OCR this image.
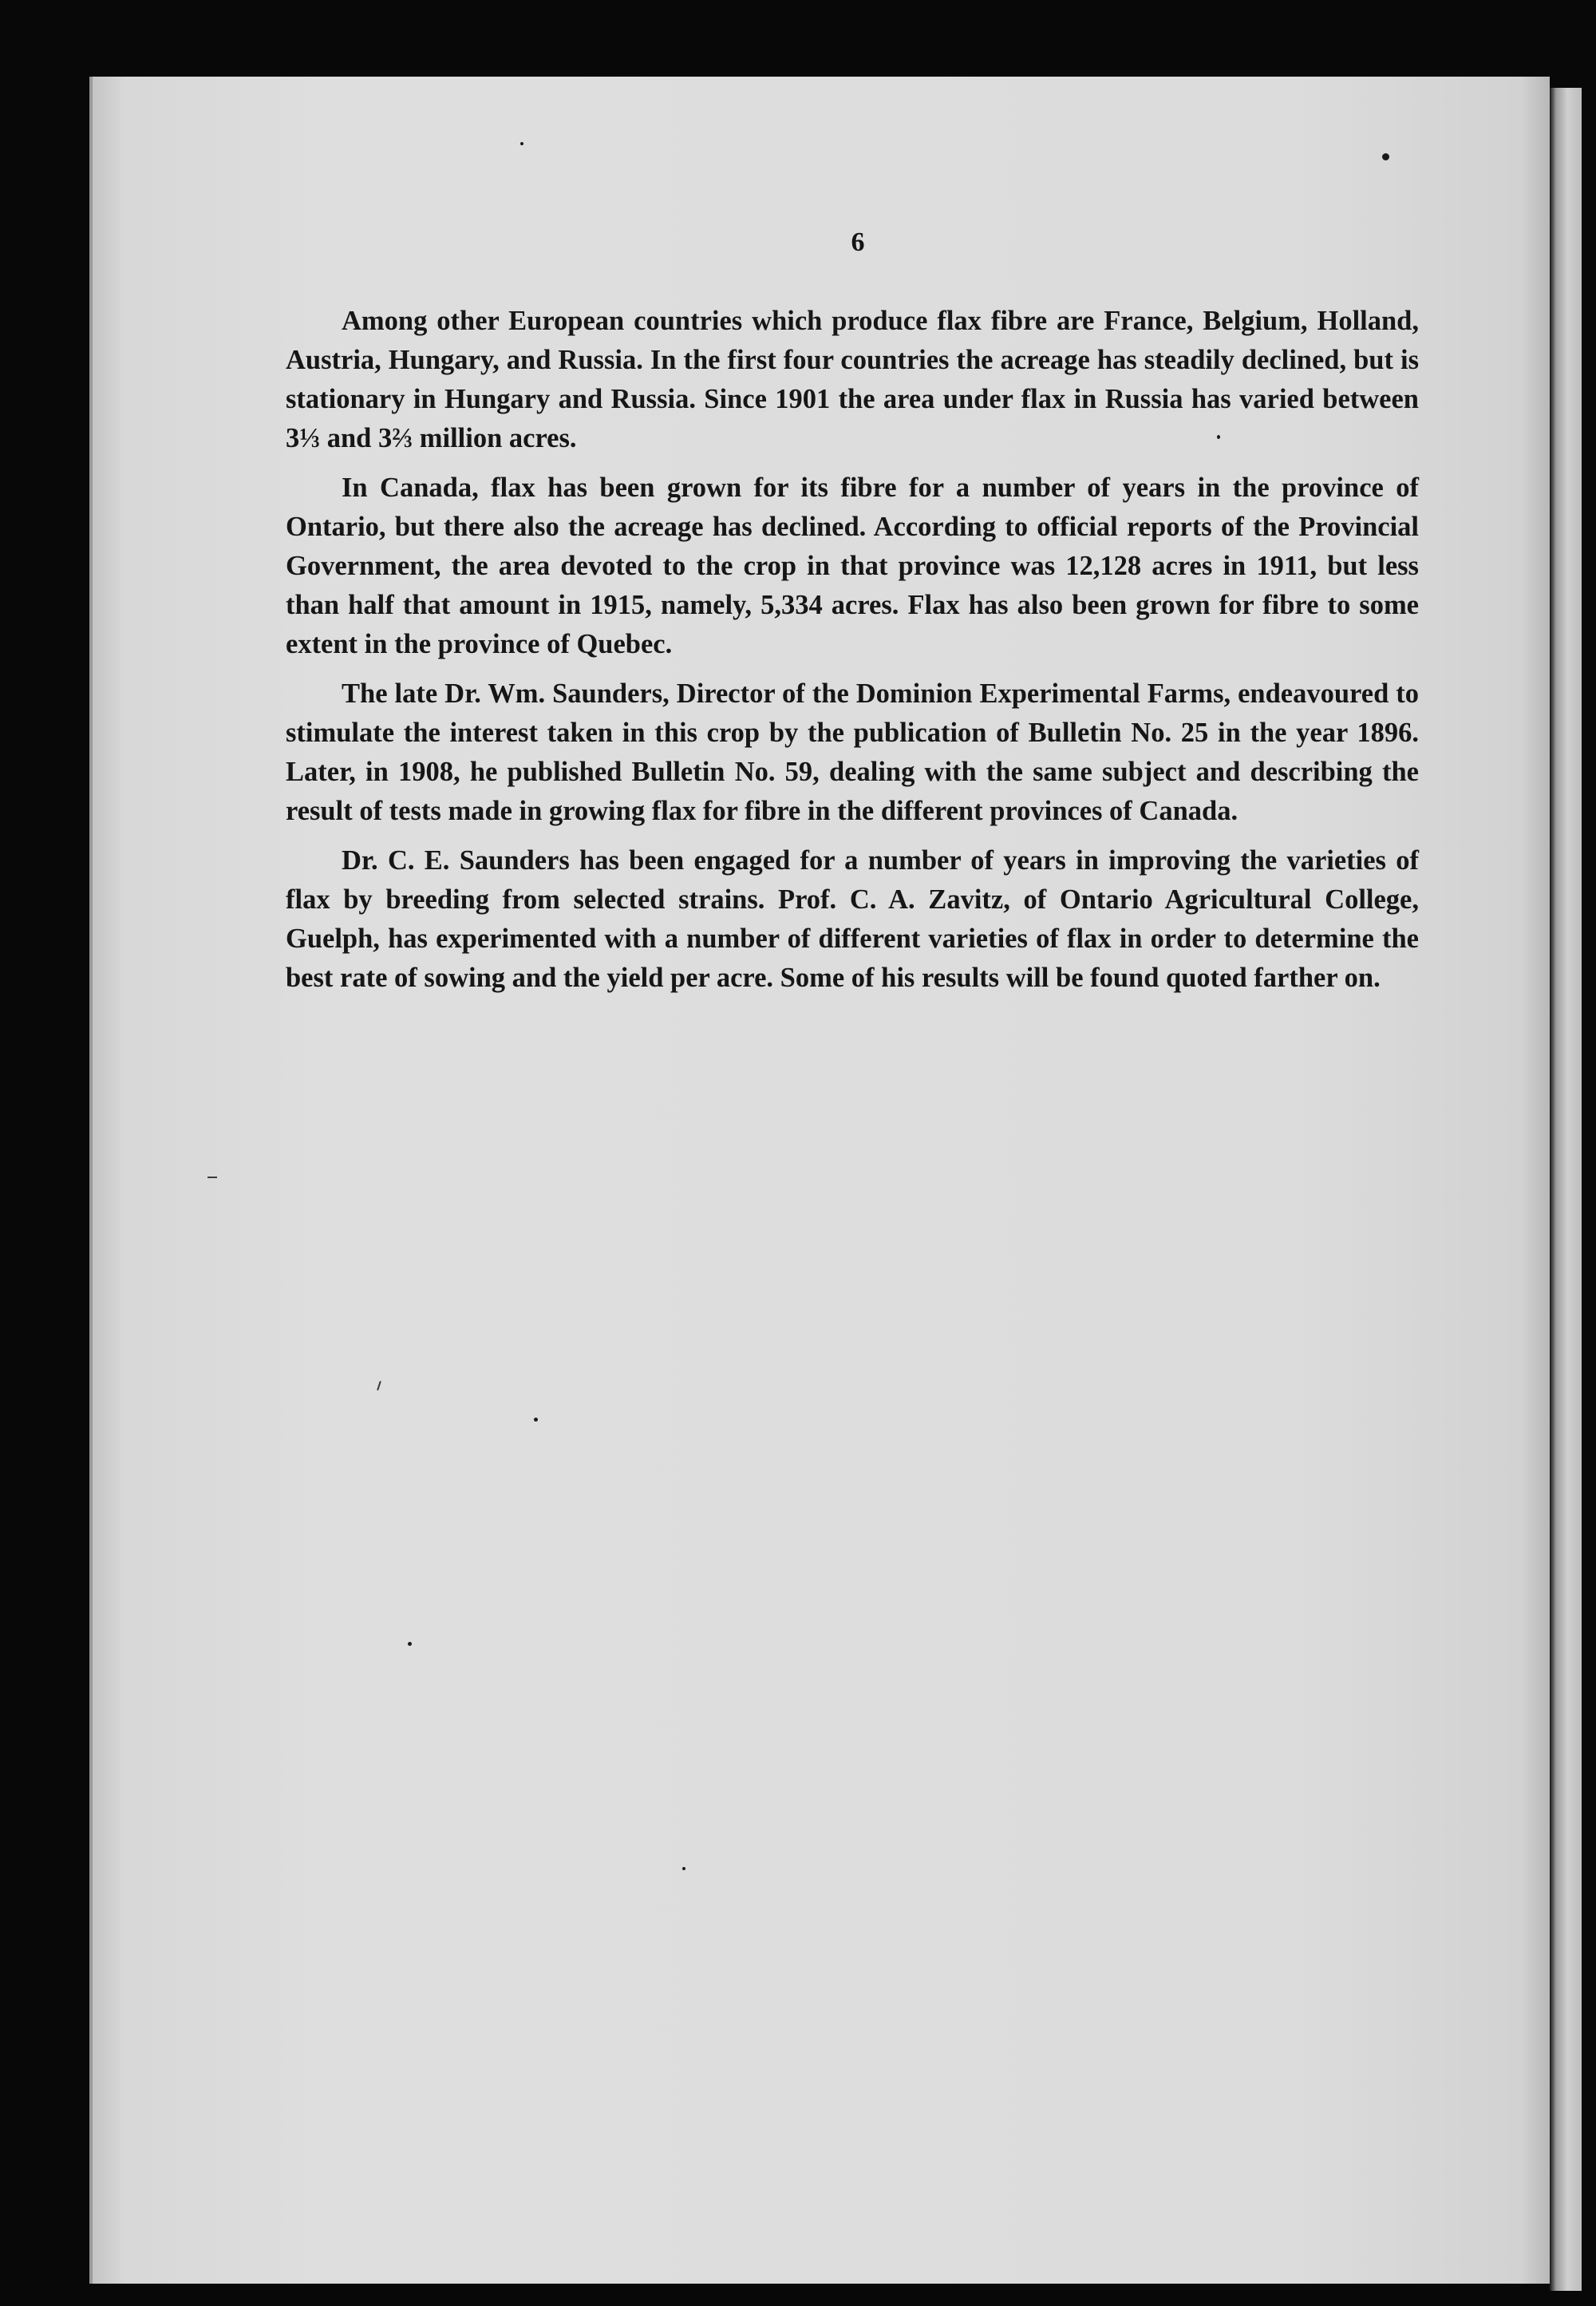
6

Among other European countries which produce flax fibre are France, Belgium, Holland, Austria, Hungary, and Russia. In the first four countries the acreage has steadily declined, but is stationary in Hungary and Russia. Since 1901 the area under flax in Russia has varied between 3⅓ and 3⅔ million acres.

In Canada, flax has been grown for its fibre for a number of years in the province of Ontario, but there also the acreage has declined. According to official reports of the Provincial Government, the area devoted to the crop in that province was 12,128 acres in 1911, but less than half that amount in 1915, namely, 5,334 acres. Flax has also been grown for fibre to some extent in the province of Quebec.

The late Dr. Wm. Saunders, Director of the Dominion Experimental Farms, endeavoured to stimulate the interest taken in this crop by the publication of Bulletin No. 25 in the year 1896. Later, in 1908, he published Bulletin No. 59, dealing with the same subject and describing the result of tests made in growing flax for fibre in the different provinces of Canada.

Dr. C. E. Saunders has been engaged for a number of years in improving the varieties of flax by breeding from selected strains. Prof. C. A. Zavitz, of Ontario Agricultural College, Guelph, has experimented with a number of different varieties of flax in order to determine the best rate of sowing and the yield per acre. Some of his results will be found quoted farther on.
